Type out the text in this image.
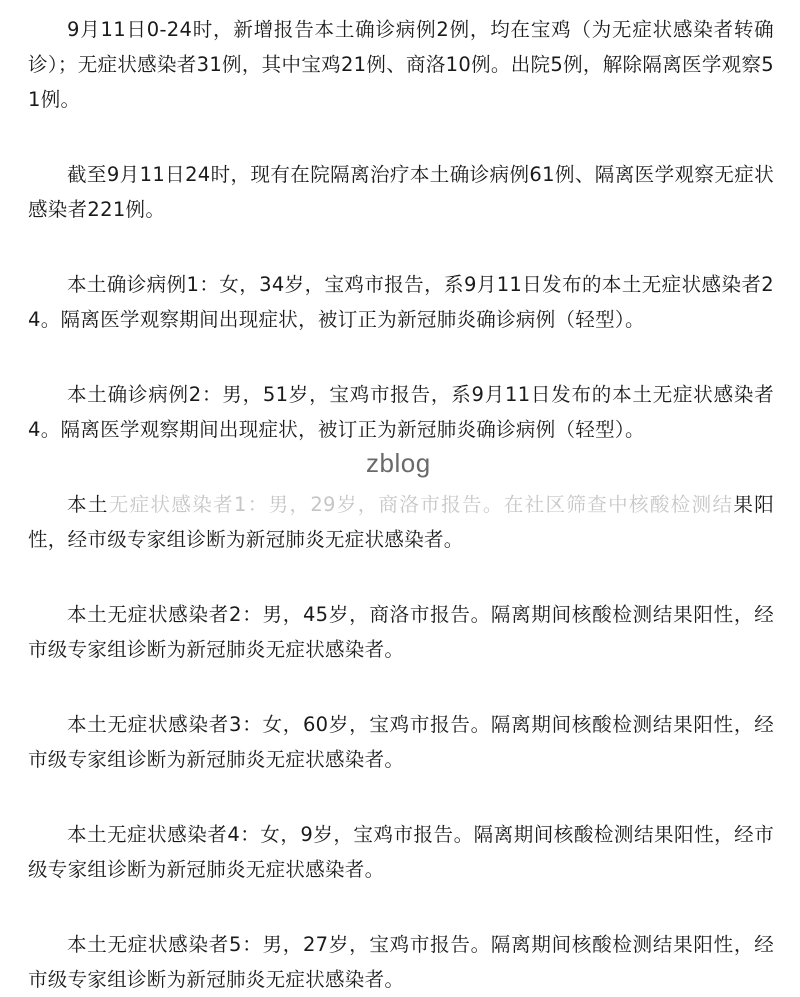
9月11日0-24时，新增报告本土确诊病例2例，均在宝鸡（为无症状感染者转确诊）；无症状感染者31例，其中宝鸡21例、商洛10例。出院5例，解除隔离医学观察51例。

截至9月11日24时，现有在院隔离治疗本土确诊病例61例、隔离医学观察无症状感染者221例。

本土确诊病例1：女，34岁，宝鸡市报告，系9月11日发布的本土无症状感染者24。隔离医学观察期间出现症状，被订正为新冠肺炎确诊病例（轻型）。

本土确诊病例2：男，51岁，宝鸡市报告，系9月11日发布的本土无症状感染者4。隔离医学观察期间出现症状，被订正为新冠肺炎确诊病例（轻型）。

本土无症状感染者1：男，29岁，商洛市报告。在社区筛查中核酸检测结果阳性，经市级专家组诊断为新冠肺炎无症状感染者。

本土无症状感染者2：男，45岁，商洛市报告。隔离期间核酸检测结果阳性，经市级专家组诊断为新冠肺炎无症状感染者。

本土无症状感染者3：女，60岁，宝鸡市报告。隔离期间核酸检测结果阳性，经市级专家组诊断为新冠肺炎无症状感染者。

本土无症状感染者4：女，9岁，宝鸡市报告。隔离期间核酸检测结果阳性，经市级专家组诊断为新冠肺炎无症状感染者。

本土无症状感染者5：男，27岁，宝鸡市报告。隔离期间核酸检测结果阳性，经市级专家组诊断为新冠肺炎无症状感染者。

zblog
